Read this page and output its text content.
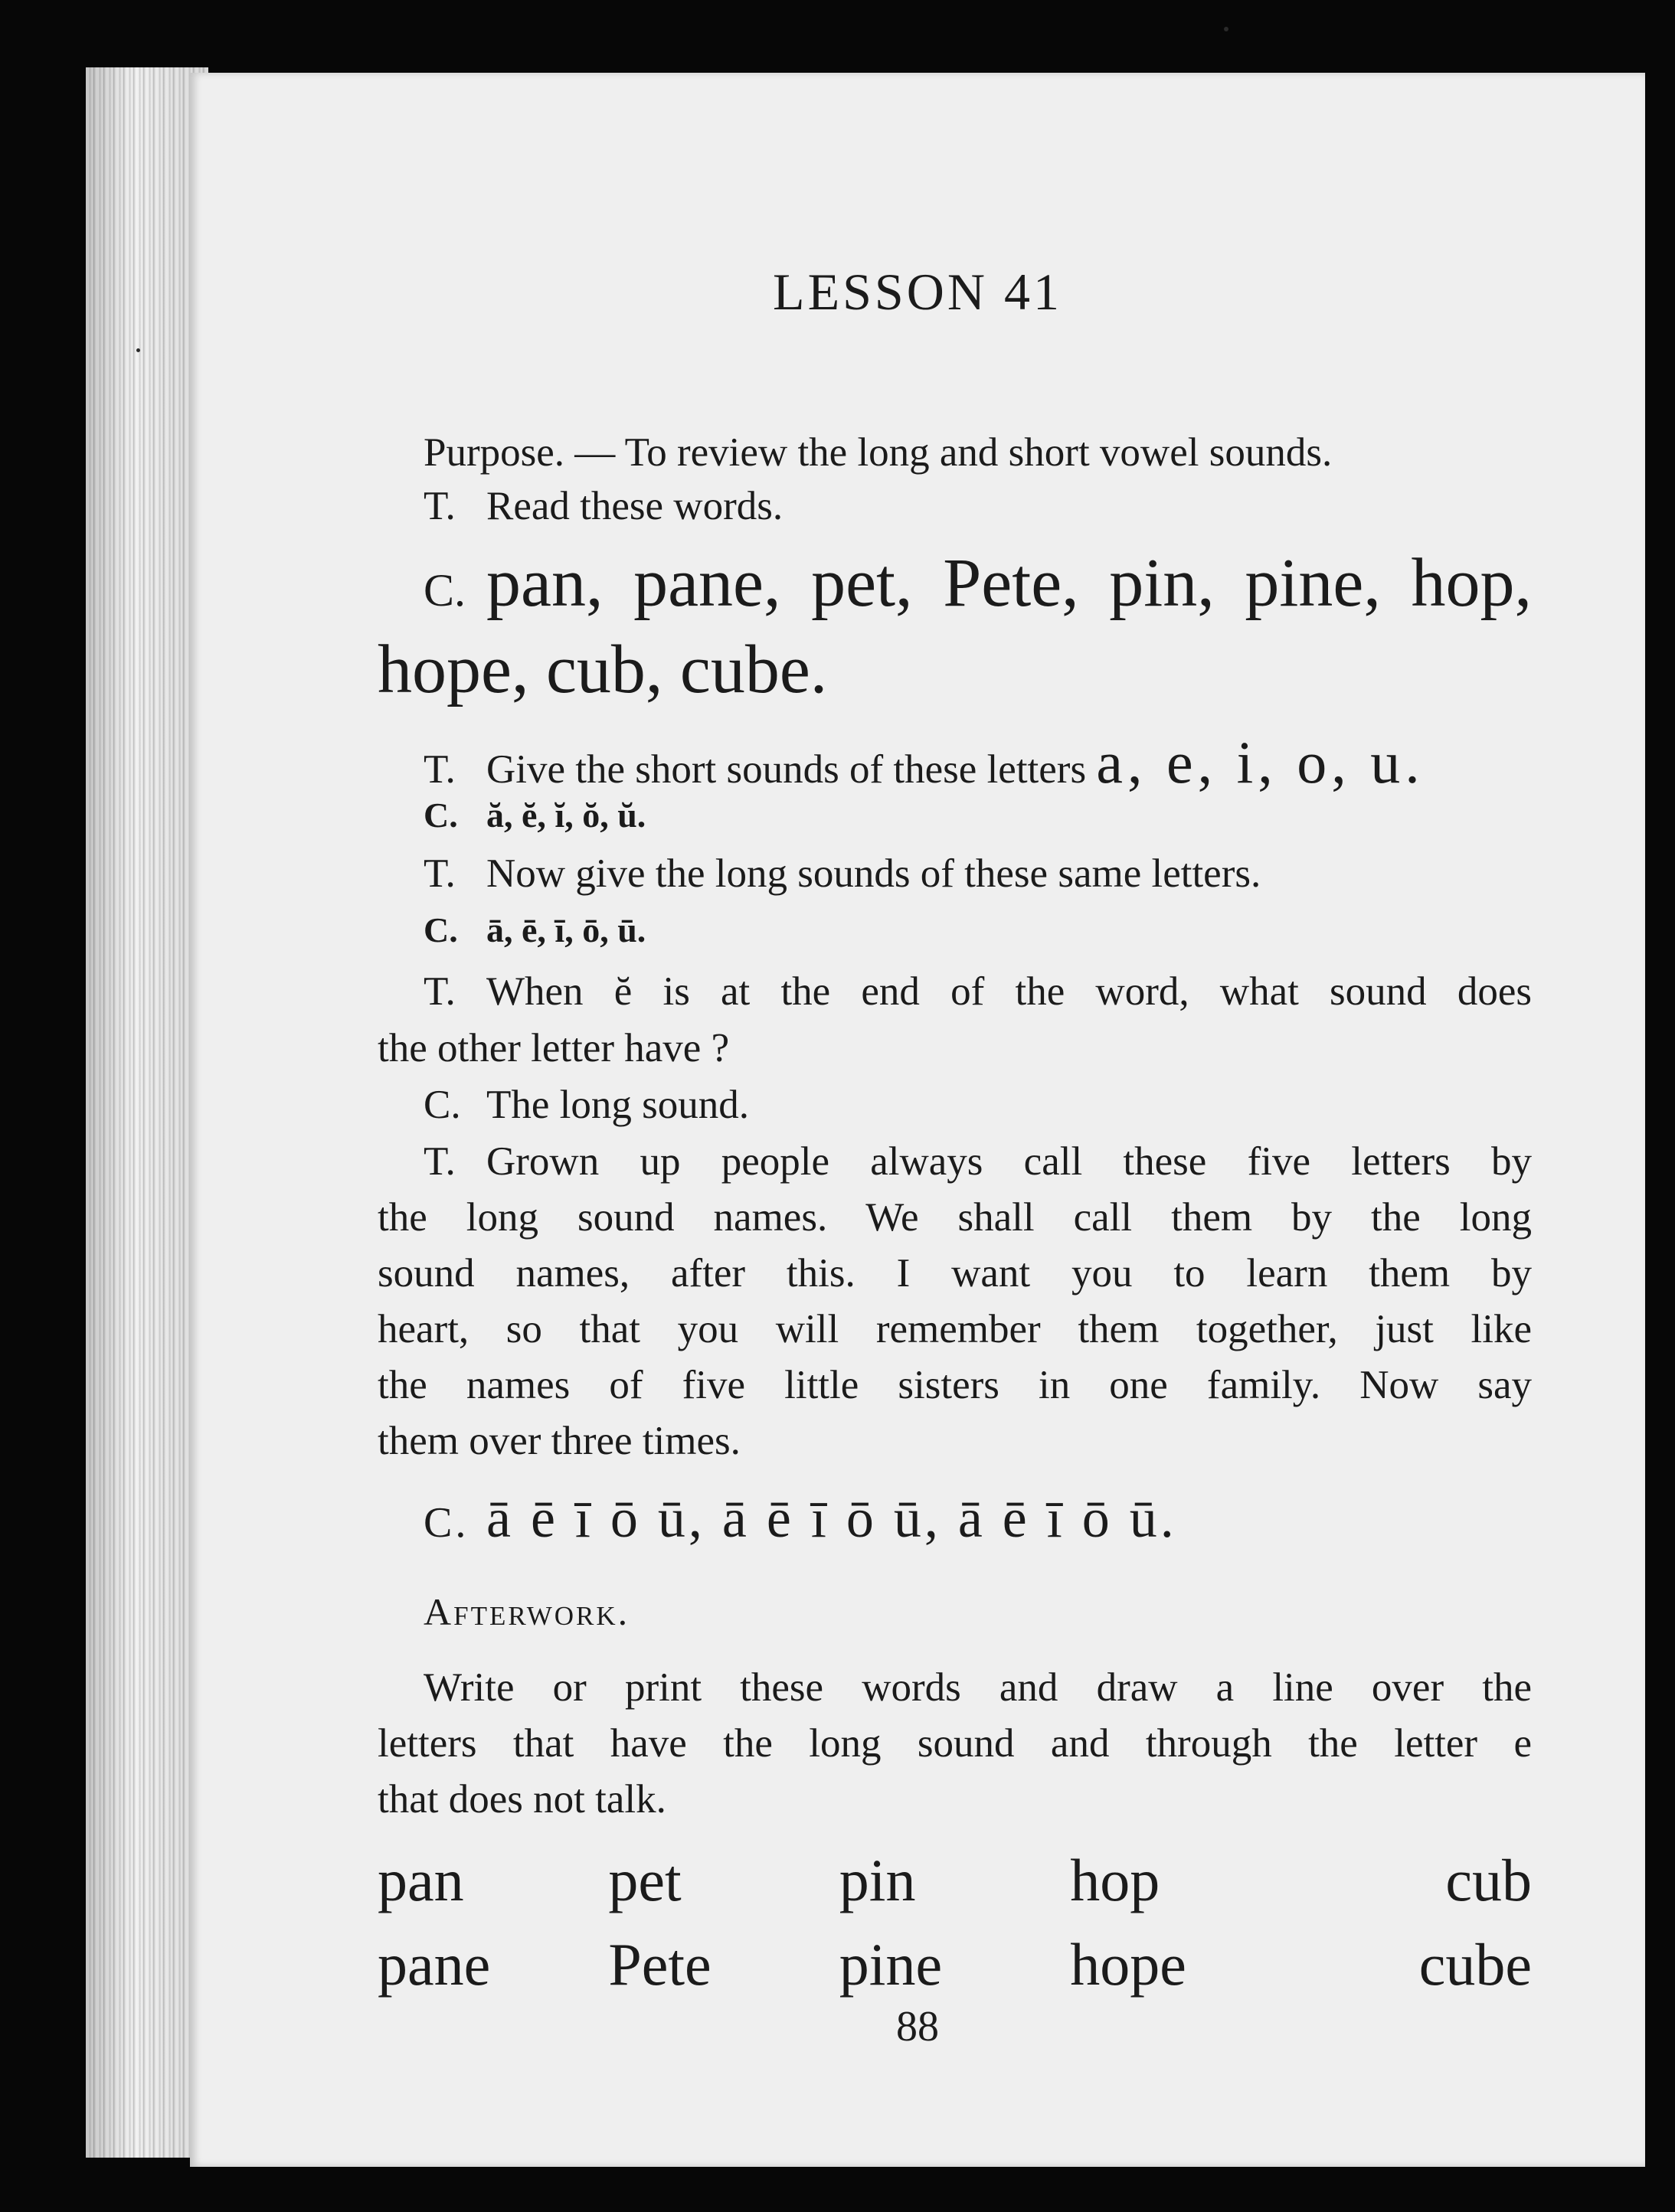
LESSON 41
Purpose. — To review the long and short vowel sounds.
T. Read these words.
C. pan, pane, pet, Pete, pin, pine, hop,
hope, cub, cube.
T. Give the short sounds of these letters a, e, i, o, u.
C. ă, ĕ, ĭ, ŏ, ŭ.
T. Now give the long sounds of these same letters.
C. ā, ē, ī, ō, ū.
T. When ĕ is at the end of the word, what sound does
the other letter have ?
C. The long sound.
T. Grown up people always call these five letters by
the long sound names. We shall call them by the long
sound names, after this. I want you to learn them by
heart, so that you will remember them together, just like
the names of five little sisters in one family. Now say
them over three times.
C. ā ē ī ō ū, ā ē ī ō ū, ā ē ī ō ū.
Afterwork.
Write or print these words and draw a line over the
letters that have the long sound and through the letter e
that does not talk.
pan	pet	pin	hop	cub
pane	Pete	pine	hope	cube
88
